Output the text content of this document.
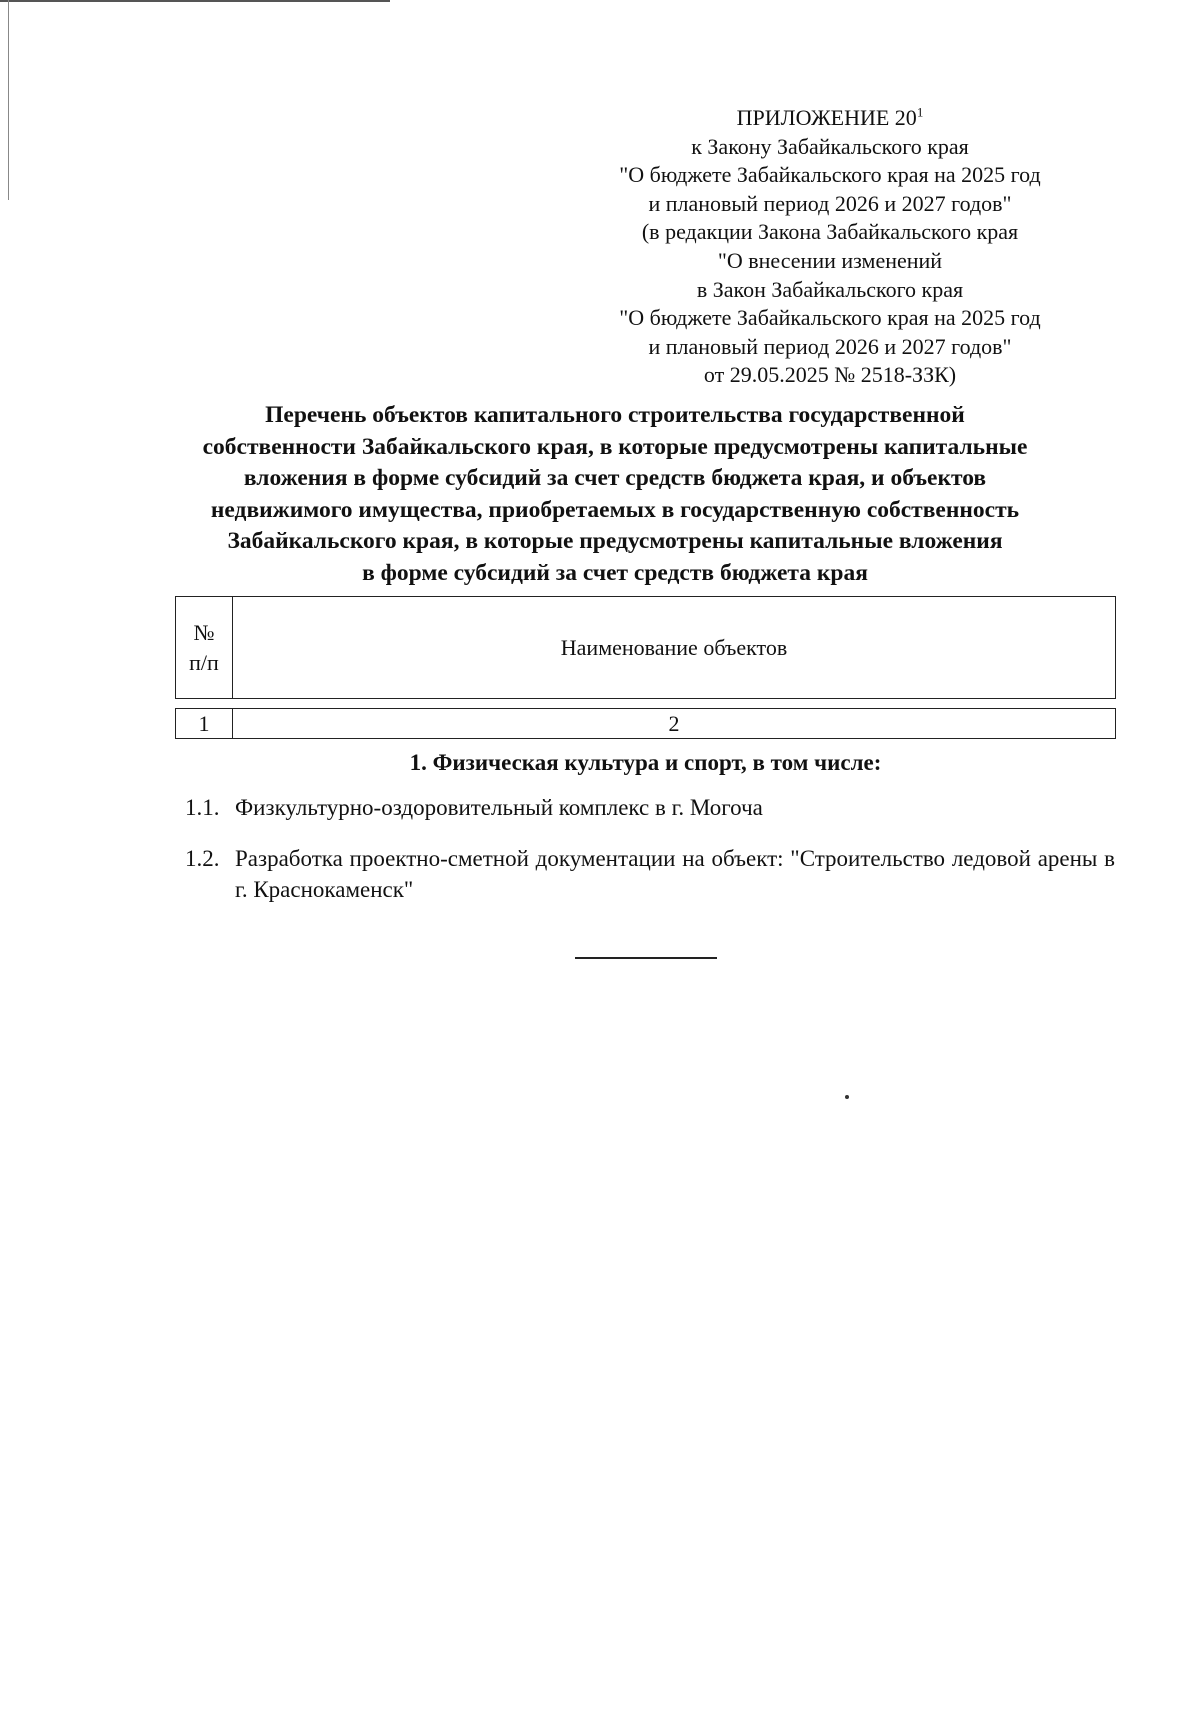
ПРИЛОЖЕНИЕ $20^1$
к Закону Забайкальского края
"О бюджете Забайкальского края на 2025 год
и плановый период 2026 и 2027 годов"
(в редакции Закона Забайкальского края
"О внесении изменений
в Закон Забайкальского края
"О бюджете Забайкальского края на 2025 год
и плановый период 2026 и 2027 годов"
от 29.05.2025 № 2518-ЗЗК)
Перечень объектов капитального строительства государственной
собственности Забайкальского края, в которые предусмотрены капитальные
вложения в форме субсидий за счет средств бюджета края, и объектов
недвижимого имущества, приобретаемых в государственную собственность
Забайкальского края, в которые предусмотрены капитальные вложения
в форме субсидий за счет средств бюджета края
№
п/п
	Наименование объектов
1	2
1. Физическая культура и спорт, в том числе:
1.1. Физкультурно-оздоровительный комплекс в г. Могоча
1.2. Разработка проектно-сметной документации на объект: "Строительство ледовой арены в г. Краснокаменск"
